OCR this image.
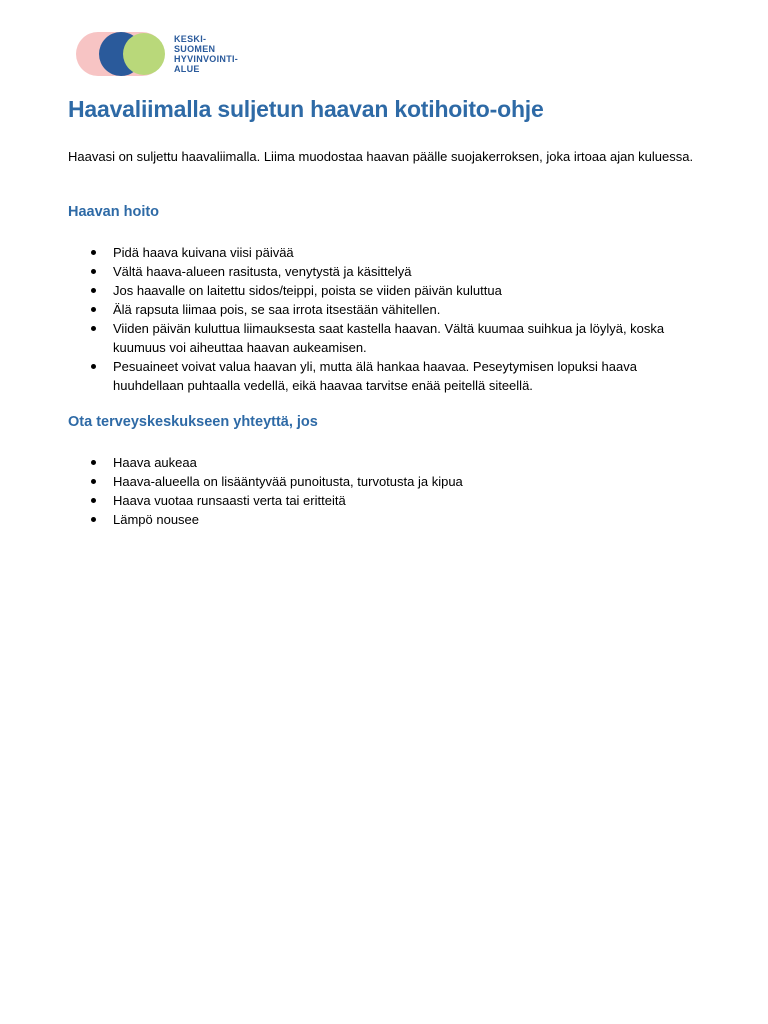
KESKI-
SUOMEN
HYVINVOINTI-
ALUE
Haavaliimalla suljetun haavan kotihoito-ohje

Haavasi on suljettu haavaliimalla. Liima muodostaa haavan päälle suojakerroksen, joka irtoaa ajan kuluessa.

Haavan hoito
Pidä haava kuivana viisi päivää
Vältä haava-alueen rasitusta, venytystä ja käsittelyä
Jos haavalle on laitettu sidos/teippi, poista se viiden päivän kuluttua
Älä rapsuta liimaa pois, se saa irrota itsestään vähitellen.
Viiden päivän kuluttua liimauksesta saat kastella haavan. Vältä kuumaa suihkua ja löylyä, koska kuumuus voi aiheuttaa haavan aukeamisen.
Pesuaineet voivat valua haavan yli, mutta älä hankaa haavaa. Peseytymisen lopuksi haava huuhdellaan puhtaalla vedellä, eikä haavaa tarvitse enää peitellä siteellä.
Ota terveyskeskukseen yhteyttä, jos
Haava aukeaa
Haava-alueella on lisääntyvää punoitusta, turvotusta ja kipua
Haava vuotaa runsaasti verta tai eritteitä
Lämpö nousee
